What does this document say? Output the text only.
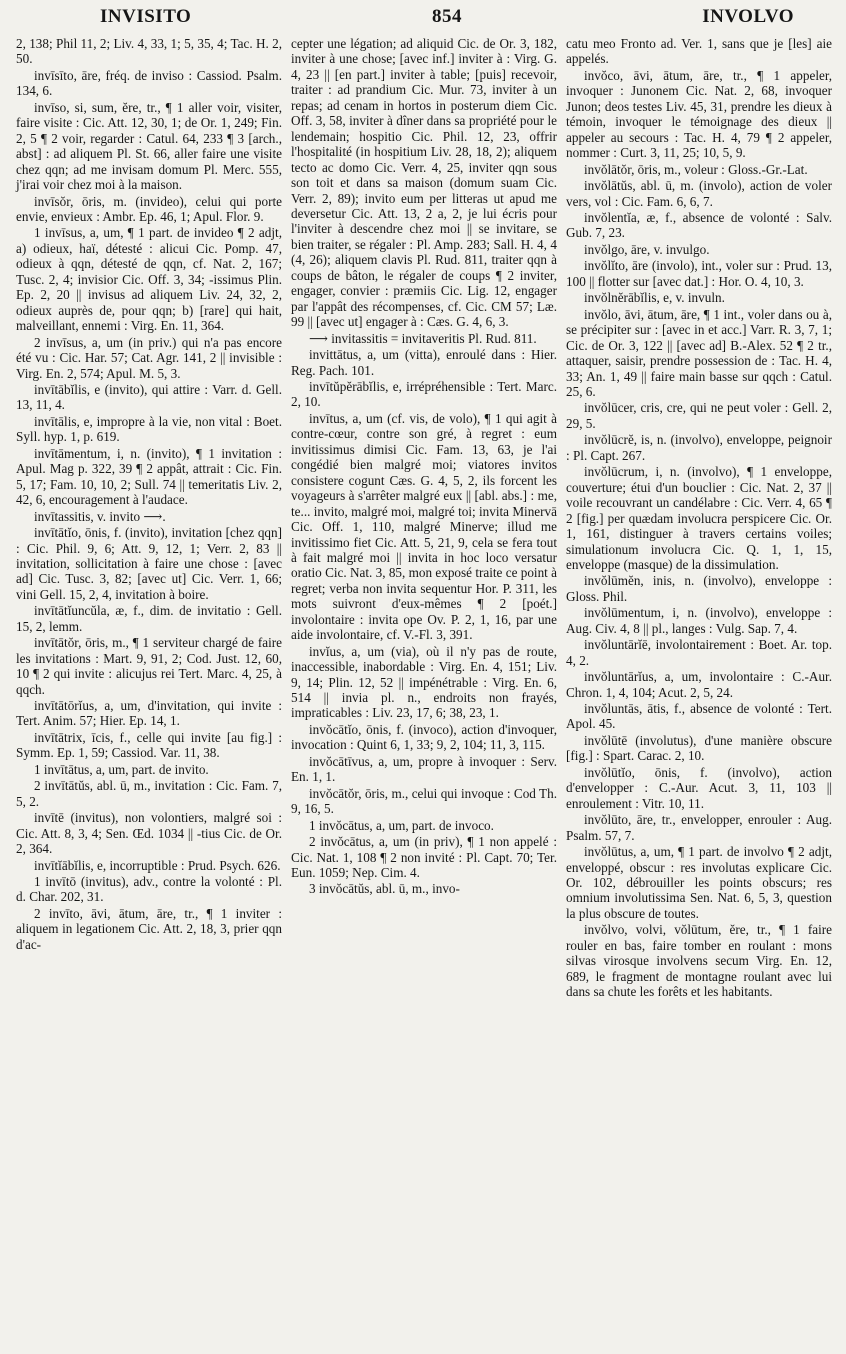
INVISITO	854	INVOLVO

2, 138; Phil 11, 2; Liv. 4, 33, 1; 5, 35, 4; Tac. H. 2, 50.

invīsīto, āre, fréq. de inviso : Cassiod. Psalm. 134, 6.

invīso, si, sum, ĕre, tr., ¶ 1 aller voir, visiter, faire visite : Cic. Att. 12, 30, 1; de Or. 1, 249; Fin. 2, 5 ¶ 2 voir, regarder : Catul. 64, 233 ¶ 3 [arch., abst] : ad aliquem Pl. St. 66, aller faire une visite chez qqn; ad me invisam domum Pl. Merc. 555, j'irai voir chez moi à la maison.

invīsŏr, ōris, m. (invideo), celui qui porte envie, envieux : Ambr. Ep. 46, 1; Apul. Flor. 9.

1 invīsus, a, um, ¶ 1 part. de invideo ¶ 2 adjt, a) odieux, haï, détesté : alicui Cic. Pomp. 47, odieux à qqn, détesté de qqn, cf. Nat. 2, 167; Tusc. 2, 4; invisior Cic. Off. 3, 34; -issimus Plin. Ep. 2, 20 || invisus ad aliquem Liv. 24, 32, 2, odieux auprès de, pour qqn; b) [rare] qui hait, malveillant, ennemi : Virg. En. 11, 364.

2 invīsus, a, um (in priv.) qui n'a pas encore été vu : Cic. Har. 57; Cat. Agr. 141, 2 || invisible : Virg. En. 2, 574; Apul. M. 5, 3.

invītābĭlis, e (invito), qui attire : Varr. d. Gell. 13, 11, 4.

invītālis, e, impropre à la vie, non vital : Boet. Syll. hyp. 1, p. 619.

invītāmentum, i, n. (invito), ¶ 1 invitation : Apul. Mag p. 322, 39 ¶ 2 appât, attrait : Cic. Fin. 5, 17; Fam. 10, 10, 2; Sull. 74 || temeritatis Liv. 2, 42, 6, encouragement à l'audace.

invītassitis, v. invito ⟶.

invītātĭo, ōnis, f. (invito), invitation [chez qqn] : Cic. Phil. 9, 6; Att. 9, 12, 1; Verr. 2, 83 || invitation, sollicitation à faire une chose : [avec ad] Cic. Tusc. 3, 82; [avec ut] Cic. Verr. 1, 66; vini Gell. 15, 2, 4, invitation à boire.

invītātĭuncŭla, æ, f., dim. de invitatio : Gell. 15, 2, lemm.

invītātŏr, ōris, m., ¶ 1 serviteur chargé de faire les invitations : Mart. 9, 91, 2; Cod. Just. 12, 60, 10 ¶ 2 qui invite : alicujus rei Tert. Marc. 4, 25, à qqch.

invītātōrĭus, a, um, d'invitation, qui invite : Tert. Anim. 57; Hier. Ep. 14, 1.

invītātrix, īcis, f., celle qui invite [au fig.] : Symm. Ep. 1, 59; Cassiod. Var. 11, 38.

1 invītātus, a, um, part. de invito.

2 invītātŭs, abl. ū, m., invitation : Cic. Fam. 7, 5, 2.

invītē (invitus), non volontiers, malgré soi : Cic. Att. 8, 3, 4; Sen. Œd. 1034 || -tius Cic. de Or. 2, 364.

invītĭābĭlis, e, incorruptible : Prud. Psych. 626.

1 invītō (invitus), adv., contre la volonté : Pl. d. Char. 202, 31.

2 invīto, āvi, ātum, āre, tr., ¶ 1 inviter : aliquem in legationem Cic. Att. 2, 18, 3, prier qqn d'ac-

cepter une légation; ad aliquid Cic. de Or. 3, 182, inviter à une chose; [avec inf.] inviter à : Virg. G. 4, 23 || [en part.] inviter à table; [puis] recevoir, traiter : ad prandium Cic. Mur. 73, inviter à un repas; ad cenam in hortos in posterum diem Cic. Off. 3, 58, inviter à dîner dans sa propriété pour le lendemain; hospitio Cic. Phil. 12, 23, offrir l'hospitalité (in hospitium Liv. 28, 18, 2); aliquem tecto ac domo Cic. Verr. 4, 25, inviter qqn sous son toit et dans sa maison (domum suam Cic. Verr. 2, 89); invito eum per litteras ut apud me deversetur Cic. Att. 13, 2 a, 2, je lui écris pour l'inviter à descendre chez moi || se invitare, se bien traiter, se régaler : Pl. Amp. 283; Sall. H. 4, 4 (4, 26); aliquem clavis Pl. Rud. 811, traiter qqn à coups de bâton, le régaler de coups ¶ 2 inviter, engager, convier : præmiis Cic. Lig. 12, engager par l'appât des récompenses, cf. Cic. CM 57; Læ. 99 || [avec ut] engager à : Cæs. G. 4, 6, 3.

⟶ invitassitis = invitaveritis Pl. Rud. 811.

invittātus, a, um (vitta), enroulé dans : Hier. Reg. Pach. 101.

invītŭpĕrābĭlis, e, irrépréhensible : Tert. Marc. 2, 10.

invītus, a, um (cf. vis, de volo), ¶ 1 qui agit à contre-cœur, contre son gré, à regret : eum invitissimus dimisi Cic. Fam. 13, 63, je l'ai congédié bien malgré moi; viatores invitos consistere cogunt Cæs. G. 4, 5, 2, ils forcent les voyageurs à s'arrêter malgré eux || [abl. abs.] : me, te... invito, malgré moi, malgré toi; invita Minervā Cic. Off. 1, 110, malgré Minerve; illud me invitissimo fiet Cic. Att. 5, 21, 9, cela se fera tout à fait malgré moi || invita in hoc loco versatur oratio Cic. Nat. 3, 85, mon exposé traite ce point à regret; verba non invita sequentur Hor. P. 311, les mots suivront d'eux-mêmes ¶ 2 [poét.] involontaire : invita ope Ov. P. 2, 1, 16, par une aide involontaire, cf. V.-Fl. 3, 391.

invĭus, a, um (via), où il n'y pas de route, inaccessible, inabordable : Virg. En. 4, 151; Liv. 9, 14; Plin. 12, 52 || impénétrable : Virg. En. 6, 514 || invia pl. n., endroits non frayés, impraticables : Liv. 23, 17, 6; 38, 23, 1.

invŏcātĭo, ōnis, f. (invoco), action d'invoquer, invocation : Quint 6, 1, 33; 9, 2, 104; 11, 3, 115.

invŏcātīvus, a, um, propre à invoquer : Serv. En. 1, 1.

invŏcātŏr, ōris, m., celui qui invoque : Cod Th. 9, 16, 5.

1 invŏcātus, a, um, part. de invoco.

2 invŏcātus, a, um (in priv), ¶ 1 non appelé : Cic. Nat. 1, 108 ¶ 2 non invité : Pl. Capt. 70; Ter. Eun. 1059; Nep. Cim. 4.

3 invŏcātŭs, abl. ū, m., invo-

catu meo Fronto ad. Ver. 1, sans que je [les] aie appelés.

invŏco, āvi, ātum, āre, tr., ¶ 1 appeler, invoquer : Junonem Cic. Nat. 2, 68, invoquer Junon; deos testes Liv. 45, 31, prendre les dieux à témoin, invoquer le témoignage des dieux || appeler au secours : Tac. H. 4, 79 ¶ 2 appeler, nommer : Curt. 3, 11, 25; 10, 5, 9.

invŏlātŏr, ōris, m., voleur : Gloss.-Gr.-Lat.

invŏlātŭs, abl. ū, m. (involo), action de voler vers, vol : Cic. Fam. 6, 6, 7.

invŏlentĭa, æ, f., absence de volonté : Salv. Gub. 7, 23.

invŏlgo, āre, v. invulgo.

invŏlĭto, āre (involo), int., voler sur : Prud. 13, 100 || flotter sur [avec dat.] : Hor. O. 4, 10, 3.

invŏlnĕrābĭlis, e, v. invuln.

invŏlo, āvi, ātum, āre, ¶ 1 int., voler dans ou à, se précipiter sur : [avec in et acc.] Varr. R. 3, 7, 1; Cic. de Or. 3, 122 || [avec ad] B.-Alex. 52 ¶ 2 tr., attaquer, saisir, prendre possession de : Tac. H. 4, 33; An. 1, 49 || faire main basse sur qqch : Catul. 25, 6.

invŏlūcer, cris, cre, qui ne peut voler : Gell. 2, 29, 5.

invŏlūcrĕ, is, n. (involvo), enveloppe, peignoir : Pl. Capt. 267.

invŏlūcrum, i, n. (involvo), ¶ 1 enveloppe, couverture; étui d'un bouclier : Cic. Nat. 2, 37 || voile recouvrant un candélabre : Cic. Verr. 4, 65 ¶ 2 [fig.] per quædam involucra perspicere Cic. Or. 1, 161, distinguer à travers certains voiles; simulationum involucra Cic. Q. 1, 1, 15, enveloppe (masque) de la dissimulation.

invŏlūmĕn, inis, n. (involvo), enveloppe : Gloss. Phil.

invŏlūmentum, i, n. (involvo), enveloppe : Aug. Civ. 4, 8 || pl., langes : Vulg. Sap. 7, 4.

invŏluntārĭē, involontairement : Boet. Ar. top. 4, 2.

invŏluntārĭus, a, um, involontaire : C.-Aur. Chron. 1, 4, 104; Acut. 2, 5, 24.

invŏluntās, ātis, f., absence de volonté : Tert. Apol. 45.

invŏlūtē (involutus), d'une manière obscure [fig.] : Spart. Carac. 2, 10.

invŏlūtĭo, ōnis, f. (involvo), action d'envelopper : C.-Aur. Acut. 3, 11, 103 || enroulement : Vitr. 10, 11.

invŏlūto, āre, tr., envelopper, enrouler : Aug. Psalm. 57, 7.

invŏlūtus, a, um, ¶ 1 part. de involvo ¶ 2 adjt, enveloppé, obscur : res involutas explicare Cic. Or. 102, débrouiller les points obscurs; res omnium involutissima Sen. Nat. 6, 5, 3, question la plus obscure de toutes.

invŏlvo, volvi, vŏlūtum, ĕre, tr., ¶ 1 faire rouler en bas, faire tomber en roulant : mons silvas virosque involvens secum Virg. En. 12, 689, le fragment de montagne roulant avec lui dans sa chute les forêts et les habitants.
